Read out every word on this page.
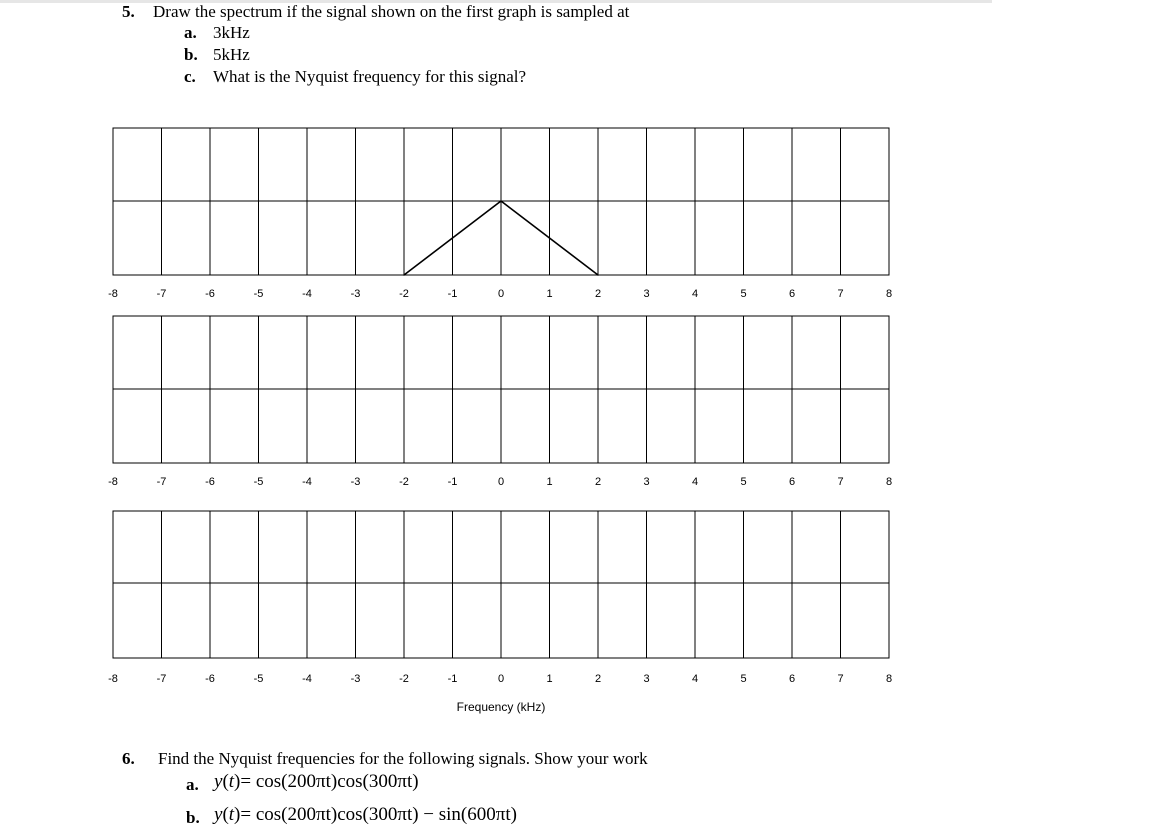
5. Draw the spectrum if the signal shown on the first graph is sampled at
a. 3kHz
b. 5kHz
c. What is the Nyquist frequency for this signal?
-8	-7	-6	-5	-4	-3	-2	-1	0	1	2	3	4	5	6	7	8
-8	-7	-6	-5	-4	-3	-2	-1	0	1	2	3	4	5	6	7	8
-8	-7	-6	-5	-4	-3	-2	-1	0	1	2	3	4	5	6	7	8
Frequency (kHz)
6. Find the Nyquist frequencies for the following signals. Show your work
a. y(t)= cos(200πt)cos(300πt)
b. y(t)= cos(200πt)cos(300πt) − sin(600πt)
